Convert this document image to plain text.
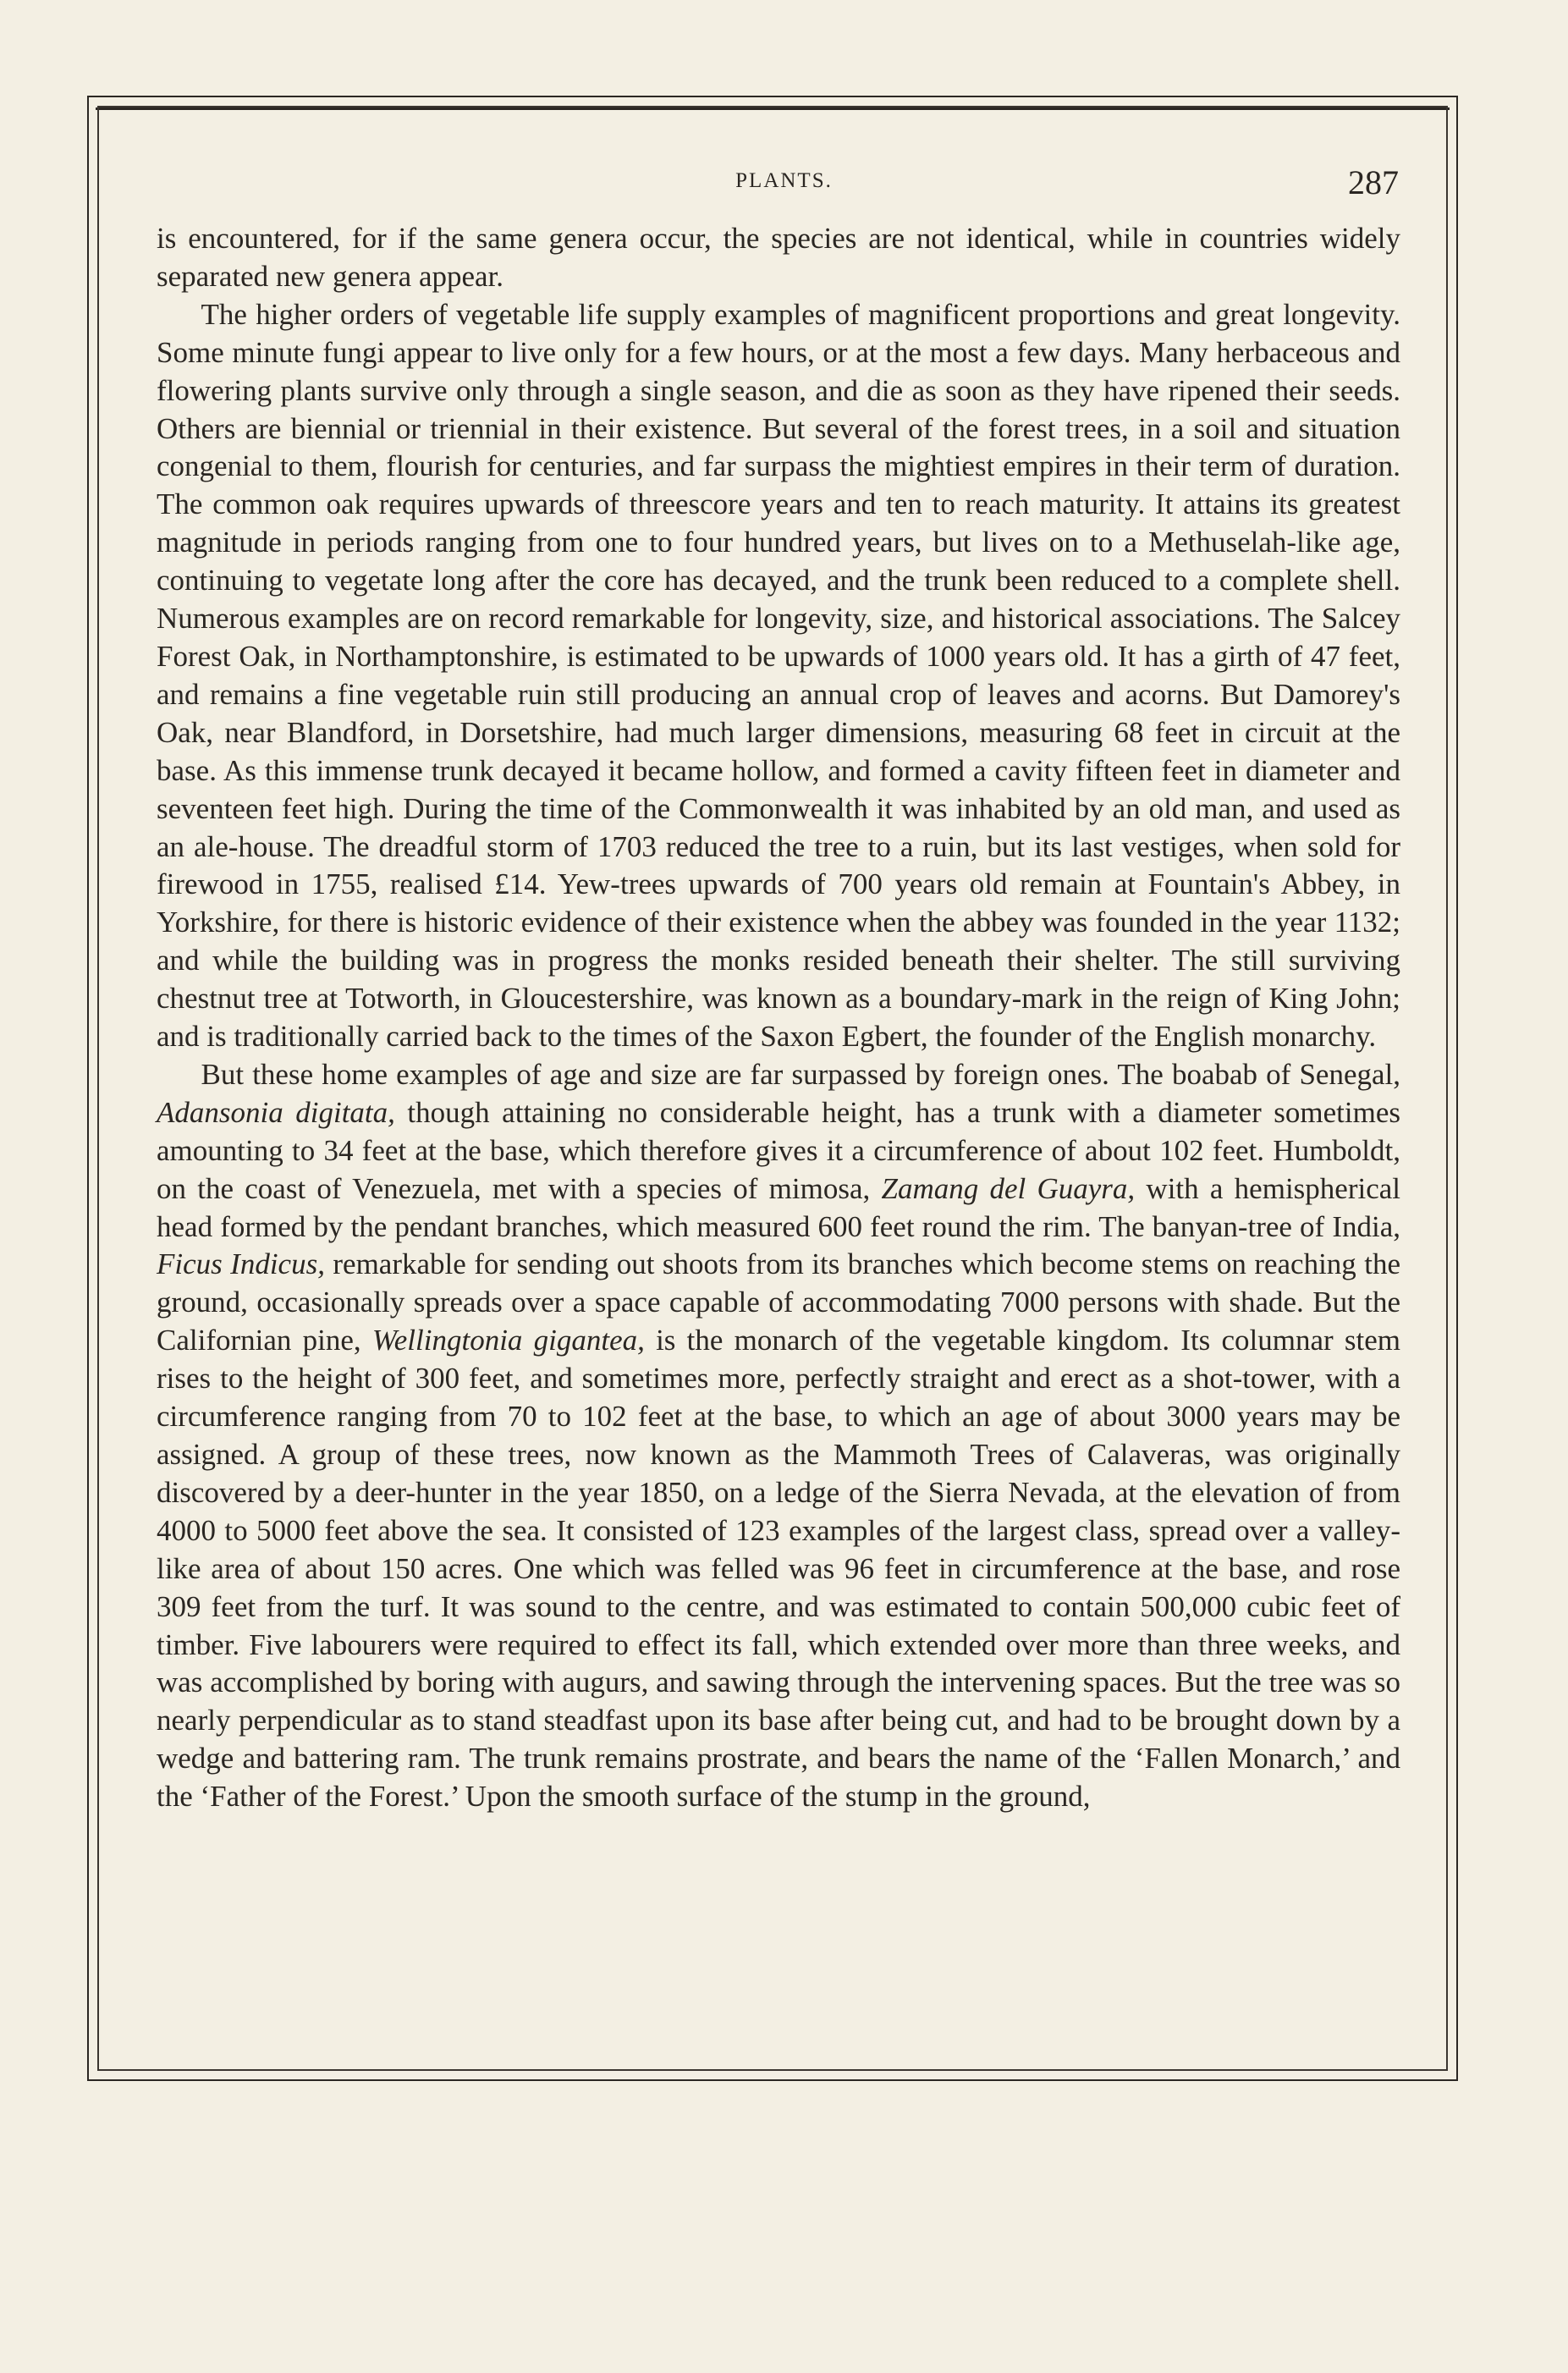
PLANTS.	287

is encountered, for if the same genera occur, the species are not identical, while in countries widely separated new genera appear.

The higher orders of vegetable life supply examples of magnificent proportions and great longevity. Some minute fungi appear to live only for a few hours, or at the most a few days. Many herbaceous and flowering plants survive only through a single season, and die as soon as they have ripened their seeds. Others are biennial or triennial in their existence. But several of the forest trees, in a soil and situation congenial to them, flourish for centuries, and far surpass the mightiest empires in their term of duration. The common oak requires upwards of threescore years and ten to reach maturity. It attains its greatest magnitude in periods ranging from one to four hundred years, but lives on to a Methuselah-like age, continuing to vegetate long after the core has decayed, and the trunk been reduced to a complete shell. Numerous examples are on record remarkable for longevity, size, and historical associations. The Salcey Forest Oak, in Northamptonshire, is estimated to be upwards of 1000 years old. It has a girth of 47 feet, and remains a fine vegetable ruin still producing an annual crop of leaves and acorns. But Damorey's Oak, near Blandford, in Dorsetshire, had much larger dimensions, measuring 68 feet in circuit at the base. As this immense trunk decayed it became hollow, and formed a cavity fifteen feet in diameter and seventeen feet high. During the time of the Commonwealth it was inhabited by an old man, and used as an ale-house. The dreadful storm of 1703 reduced the tree to a ruin, but its last vestiges, when sold for firewood in 1755, realised £14. Yew-trees upwards of 700 years old remain at Fountain's Abbey, in Yorkshire, for there is historic evidence of their existence when the abbey was founded in the year 1132; and while the building was in progress the monks resided beneath their shelter. The still surviving chestnut tree at Totworth, in Gloucestershire, was known as a boundary-mark in the reign of King John; and is traditionally carried back to the times of the Saxon Egbert, the founder of the English monarchy.

But these home examples of age and size are far surpassed by foreign ones. The boabab of Senegal, Adansonia digitata, though attaining no considerable height, has a trunk with a diameter sometimes amounting to 34 feet at the base, which therefore gives it a circumference of about 102 feet. Humboldt, on the coast of Venezuela, met with a species of mimosa, Zamang del Guayra, with a hemispherical head formed by the pendant branches, which measured 600 feet round the rim. The banyan-tree of India, Ficus Indicus, remarkable for sending out shoots from its branches which become stems on reaching the ground, occasionally spreads over a space capable of accommodating 7000 persons with shade. But the Californian pine, Wellingtonia gigantea, is the monarch of the vegetable kingdom. Its columnar stem rises to the height of 300 feet, and sometimes more, perfectly straight and erect as a shot-tower, with a circumference ranging from 70 to 102 feet at the base, to which an age of about 3000 years may be assigned. A group of these trees, now known as the Mammoth Trees of Calaveras, was originally discovered by a deer-hunter in the year 1850, on a ledge of the Sierra Nevada, at the elevation of from 4000 to 5000 feet above the sea. It consisted of 123 examples of the largest class, spread over a valley-like area of about 150 acres. One which was felled was 96 feet in circumference at the base, and rose 309 feet from the turf. It was sound to the centre, and was estimated to contain 500,000 cubic feet of timber. Five labourers were required to effect its fall, which extended over more than three weeks, and was accomplished by boring with augurs, and sawing through the intervening spaces. But the tree was so nearly perpendicular as to stand steadfast upon its base after being cut, and had to be brought down by a wedge and battering ram. The trunk remains prostrate, and bears the name of the ‘Fallen Monarch,’ and the ‘Father of the Forest.’ Upon the smooth surface of the stump in the ground,
